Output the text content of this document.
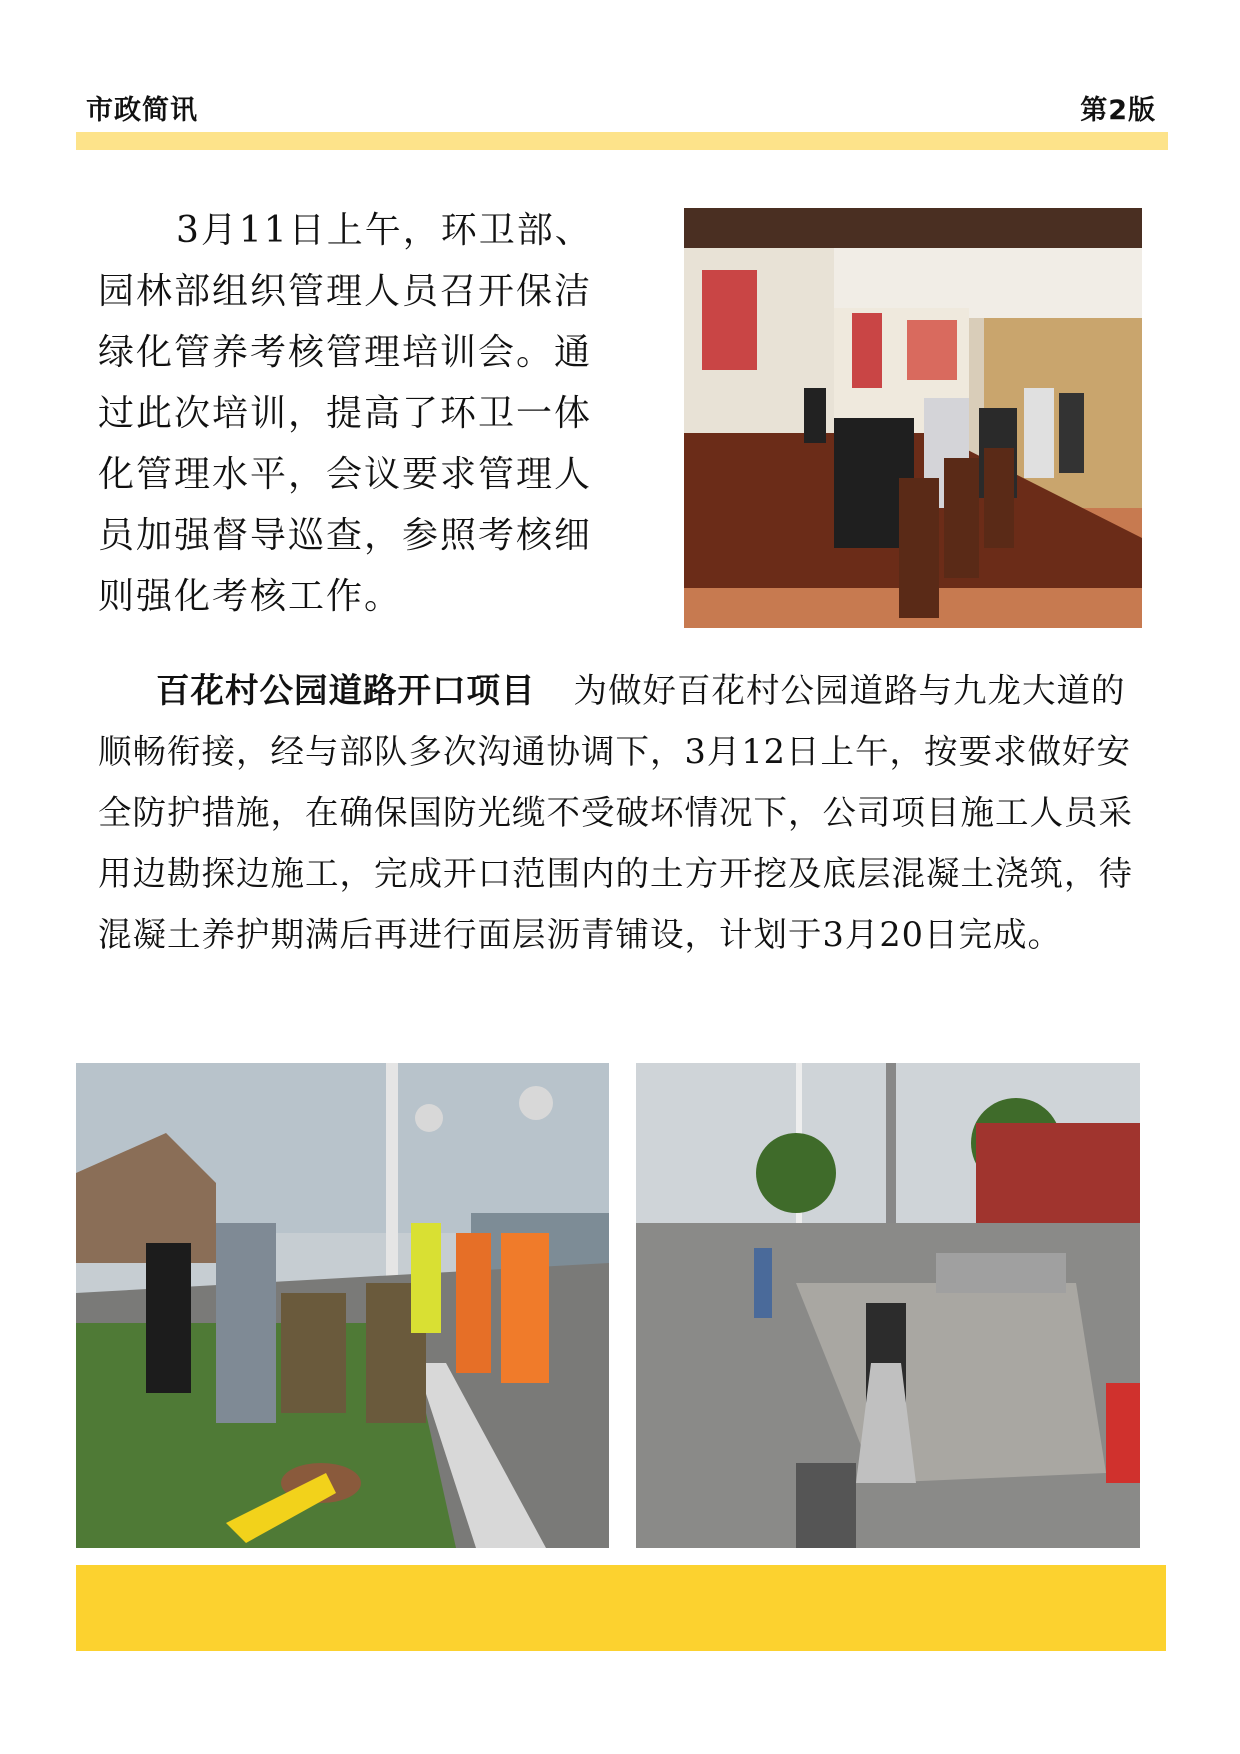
市政简讯	第2版

3月11日上午，环卫部、园林部组织管理人员召开保洁绿化管养考核管理培训会。通过此次培训，提高了环卫一体化管理水平，会议要求管理人员加强督导巡查，参照考核细则强化考核工作。

百花村公园道路开口项目 为做好百花村公园道路与九龙大道的顺畅衔接，经与部队多次沟通协调下，3月12日上午，按要求做好安全防护措施，在确保国防光缆不受破坏情况下，公司项目施工人员采用边勘探边施工，完成开口范围内的土方开挖及底层混凝土浇筑，待混凝土养护期满后再进行面层沥青铺设，计划于3月20日完成。
